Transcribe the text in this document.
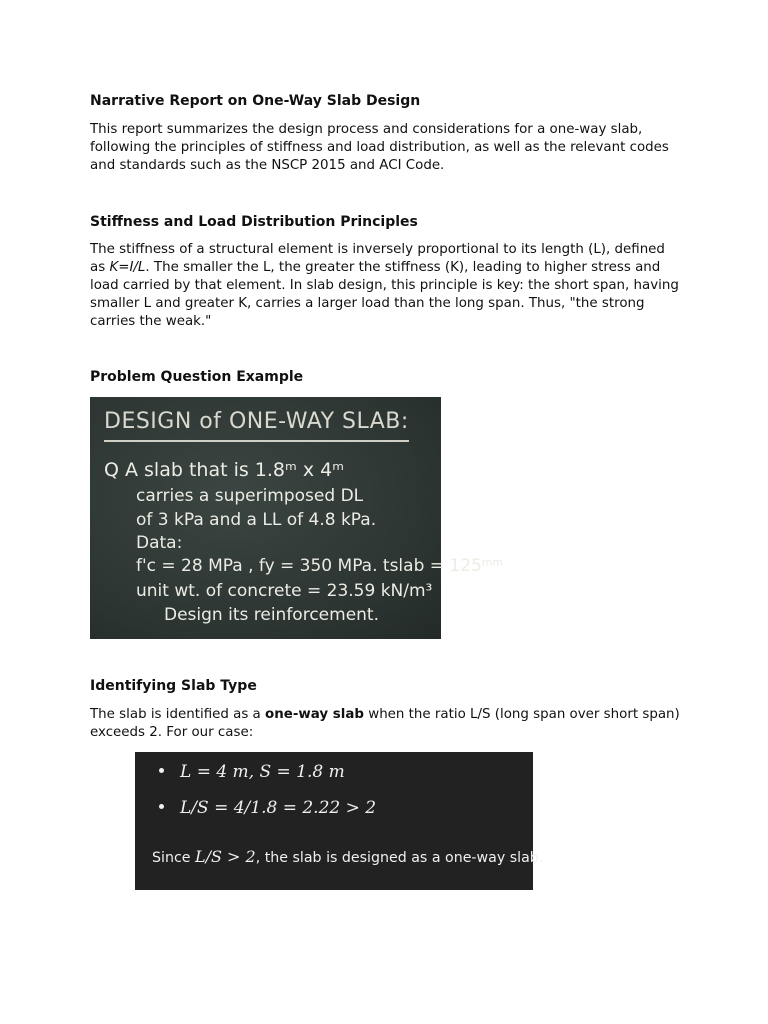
Narrative Report on One-Way Slab Design

This report summarizes the design process and considerations for a one-way slab, following the principles of stiffness and load distribution, as well as the relevant codes and standards such as the NSCP 2015 and ACI Code.

Stiffness and Load Distribution Principles

The stiffness of a structural element is inversely proportional to its length (L), defined as K=I/L. The smaller the L, the greater the stiffness (K), leading to higher stress and load carried by that element. In slab design, this principle is key: the short span, having smaller L and greater K, carries a larger load than the long span. Thus, "the strong carries the weak."

Problem Question Example
DESIGN of ONE-WAY SLAB:
Q A slab that is 1.8ᵐ x 4ᵐ
carries a superimposed DL
of 3 kPa and a LL of 4.8 kPa.
Data:
f'c = 28 MPa , fy = 350 MPa. tslab = 125ᵐᵐ
unit wt. of concrete = 23.59 kN/m³
Design its reinforcement.
Identifying Slab Type

The slab is identified as a one-way slab when the ratio L/S (long span over short span) exceeds 2. For our case:

L = 4 m, S = 1.8 m
L/S = 4/1.8 = 2.22 > 2
Since L/S > 2, the slab is designed as a one-way slab.
